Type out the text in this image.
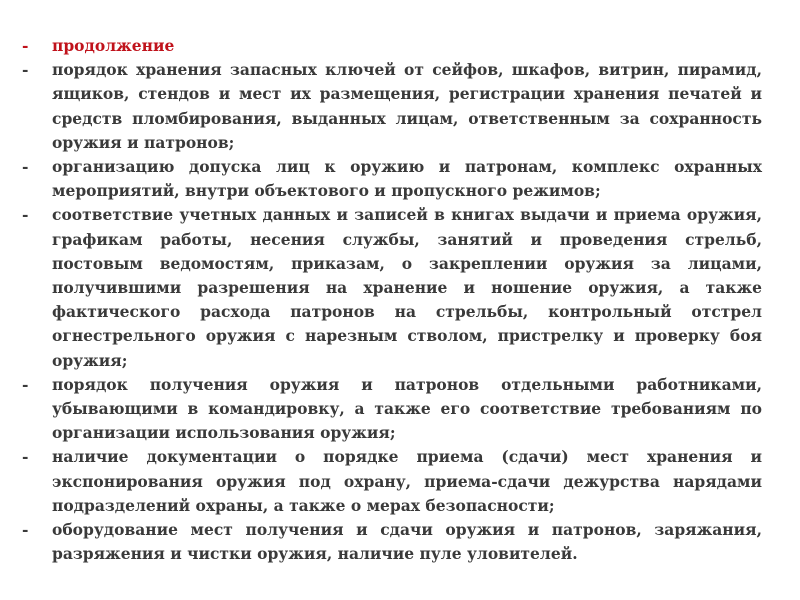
-	продолжение
-	порядок хранения запасных ключей от сейфов, шкафов, витрин, пирамид, ящиков, стендов и мест их размещения, регистрации хранения печатей и средств пломбирования, выданных лицам, ответственным за сохранность оружия и патронов;
-	организацию допуска лиц к оружию и патронам, комплекс охранных мероприятий, внутри объектового и пропускного режимов;
-	соответствие учетных данных и записей в книгах выдачи и приема оружия, графикам работы, несения службы, занятий и проведения стрельб, постовым ведомостям, приказам, о закреплении оружия за лицами, получившими разрешения на хранение и ношение оружия, а также фактического расхода патронов на стрельбы, контрольный отстрел огнестрельного оружия с нарезным стволом, пристрелку и проверку боя оружия;
-	порядок получения оружия и патронов отдельными работниками, убывающими в командировку, а также его соответствие требованиям по организации использования оружия;
-	наличие документации о порядке приема (сдачи) мест хранения и экспонирования оружия под охрану, приема-сдачи дежурства нарядами подразделений охраны, а также о мерах безопасности;
-	оборудование мест получения и сдачи оружия и патронов, заряжания, разряжения и чистки оружия, наличие пуле уловителей.
